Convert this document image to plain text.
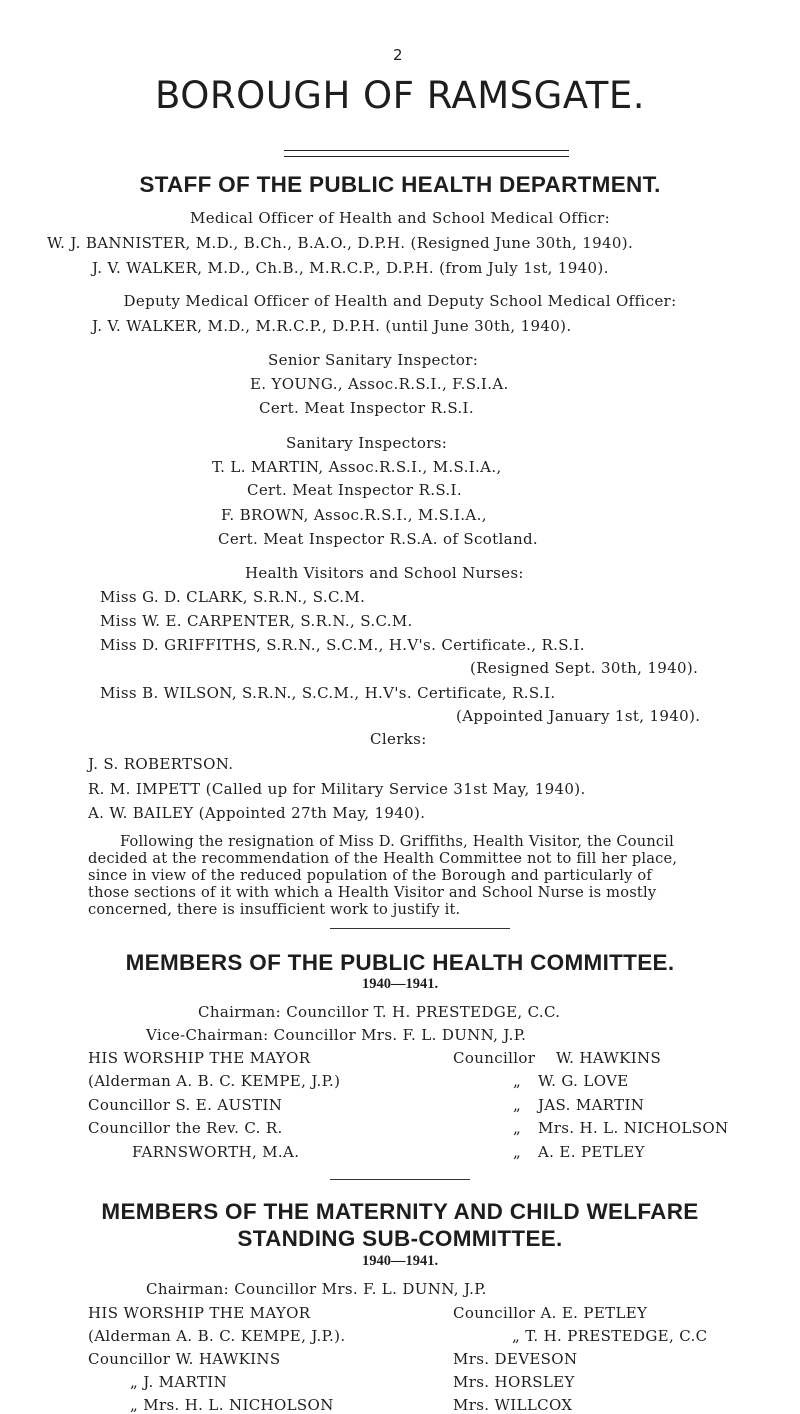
2
BOROUGH OF RAMSGATE.
STAFF OF THE PUBLIC HEALTH DEPARTMENT.
Medical Officer of Health and School Medical Officr:
W. J. BANNISTER, M.D., B.Ch., B.A.O., D.P.H. (Resigned June 30th, 1940).
J. V. WALKER, M.D., Ch.B., M.R.C.P., D.P.H. (from July 1st, 1940).
Deputy Medical Officer of Health and Deputy School Medical Officer:
J. V. WALKER, M.D., M.R.C.P., D.P.H. (until June 30th, 1940).
Senior Sanitary Inspector:
E. YOUNG., Assoc.R.S.I., F.S.I.A.
Cert. Meat Inspector R.S.I.
Sanitary Inspectors:
T. L. MARTIN, Assoc.R.S.I., M.S.I.A.,
Cert. Meat Inspector R.S.I.
F. BROWN, Assoc.R.S.I., M.S.I.A.,
Cert. Meat Inspector R.S.A. of Scotland.
Health Visitors and School Nurses:
Miss G. D. CLARK, S.R.N., S.C.M.
Miss W. E. CARPENTER, S.R.N., S.C.M.
Miss D. GRIFFITHS, S.R.N., S.C.M., H.V's. Certificate., R.S.I.
(Resigned Sept. 30th, 1940).
Miss B. WILSON, S.R.N., S.C.M., H.V's. Certificate, R.S.I.
(Appointed January 1st, 1940).
Clerks:
J. S. ROBERTSON.
R. M. IMPETT (Called up for Military Service 31st May, 1940).
A. W. BAILEY (Appointed 27th May, 1940).

Following the resignation of Miss D. Griffiths, Health Visitor, the Council

decided at the recommendation of the Health Committee not to fill her place,

since in view of the reduced population of the Borough and particularly of

those sections of it with which a Health Visitor and School Nurse is mostly

concerned, there is insufficient work to justify it.

MEMBERS OF THE PUBLIC HEALTH COMMITTEE.
1940—1941.
Chairman: Councillor T. H. PRESTEDGE, C.C.
Vice-Chairman: Councillor Mrs. F. L. DUNN, J.P.
HIS WORSHIP THE MAYOR
(Alderman A. B. C. KEMPE, J.P.)
Councillor S. E. AUSTIN
Councillor the Rev. C. R.
FARNSWORTH, M.A.
Councillor
„
„
„
„
W. HAWKINS
W. G. LOVE
JAS. MARTIN
Mrs. H. L. NICHOLSON
A. E. PETLEY
MEMBERS OF THE MATERNITY AND CHILD WELFARE
STANDING SUB-COMMITTEE.
1940—1941.
Chairman: Councillor Mrs. F. L. DUNN, J.P.
HIS WORSHIP THE MAYOR
(Alderman A. B. C. KEMPE, J.P.).
Councillor W. HAWKINS
„ J. MARTIN
„ Mrs. H. L. NICHOLSON
Councillor A. E. PETLEY
„ T. H. PRESTEDGE, C.C
Mrs. DEVESON
Mrs. HORSLEY
Mrs. WILLCOX
